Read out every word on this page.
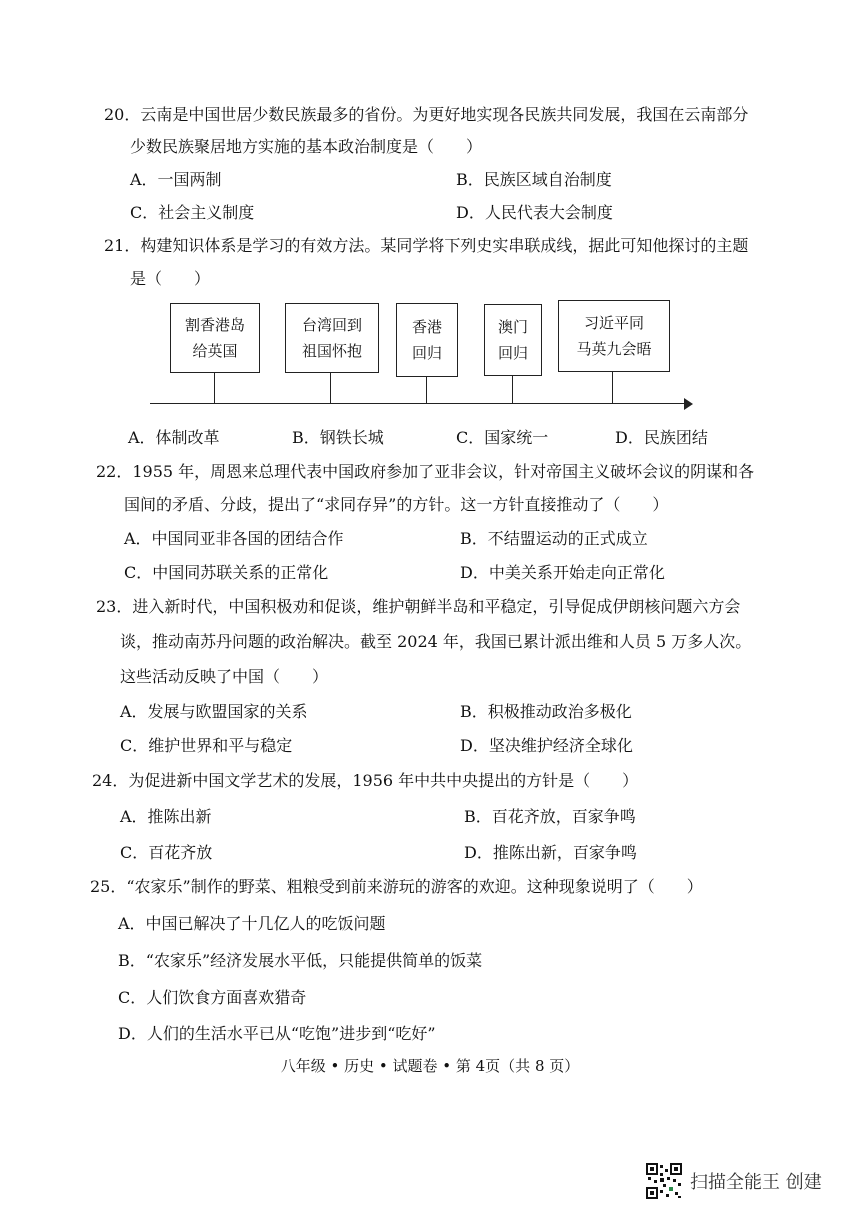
20．云南是中国世居少数民族最多的省份。为更好地实现各民族共同发展，我国在云南部分
少数民族聚居地方实施的基本政治制度是（　　）
A．一国两制	B．民族区域自治制度
C．社会主义制度	D．人民代表大会制度
21．构建知识体系是学习的有效方法。某同学将下列史实串联成线，据此可知他探讨的主题
是（　　）
割香港岛
给英国
台湾回到
祖国怀抱
香港
回归
澳门
回归
习近平同
马英九会晤
A．体制改革	B．钢铁长城	C．国家统一	D．民族团结
22．1955 年，周恩来总理代表中国政府参加了亚非会议，针对帝国主义破坏会议的阴谋和各
国间的矛盾、分歧，提出了“求同存异”的方针。这一方针直接推动了（　　）
A．中国同亚非各国的团结合作	B．不结盟运动的正式成立
C．中国同苏联关系的正常化	D．中美关系开始走向正常化
23．进入新时代，中国积极劝和促谈，维护朝鲜半岛和平稳定，引导促成伊朗核问题六方会
谈，推动南苏丹问题的政治解决。截至 2024 年，我国已累计派出维和人员 5 万多人次。
这些活动反映了中国（　　）
A．发展与欧盟国家的关系	B．积极推动政治多极化
C．维护世界和平与稳定	D．坚决维护经济全球化
24．为促进新中国文学艺术的发展，1956 年中共中央提出的方针是（　　）
A．推陈出新	B．百花齐放，百家争鸣
C．百花齐放	D．推陈出新，百家争鸣
25．“农家乐”制作的野菜、粗粮受到前来游玩的游客的欢迎。这种现象说明了（　　）
A．中国已解决了十几亿人的吃饭问题
B．“农家乐”经济发展水平低，只能提供简单的饭菜
C．人们饮食方面喜欢猎奇
D．人们的生活水平已从“吃饱”进步到“吃好”
八年级 • 历史 • 试题卷 • 第 4页（共 8 页）
扫描全能王 创建
